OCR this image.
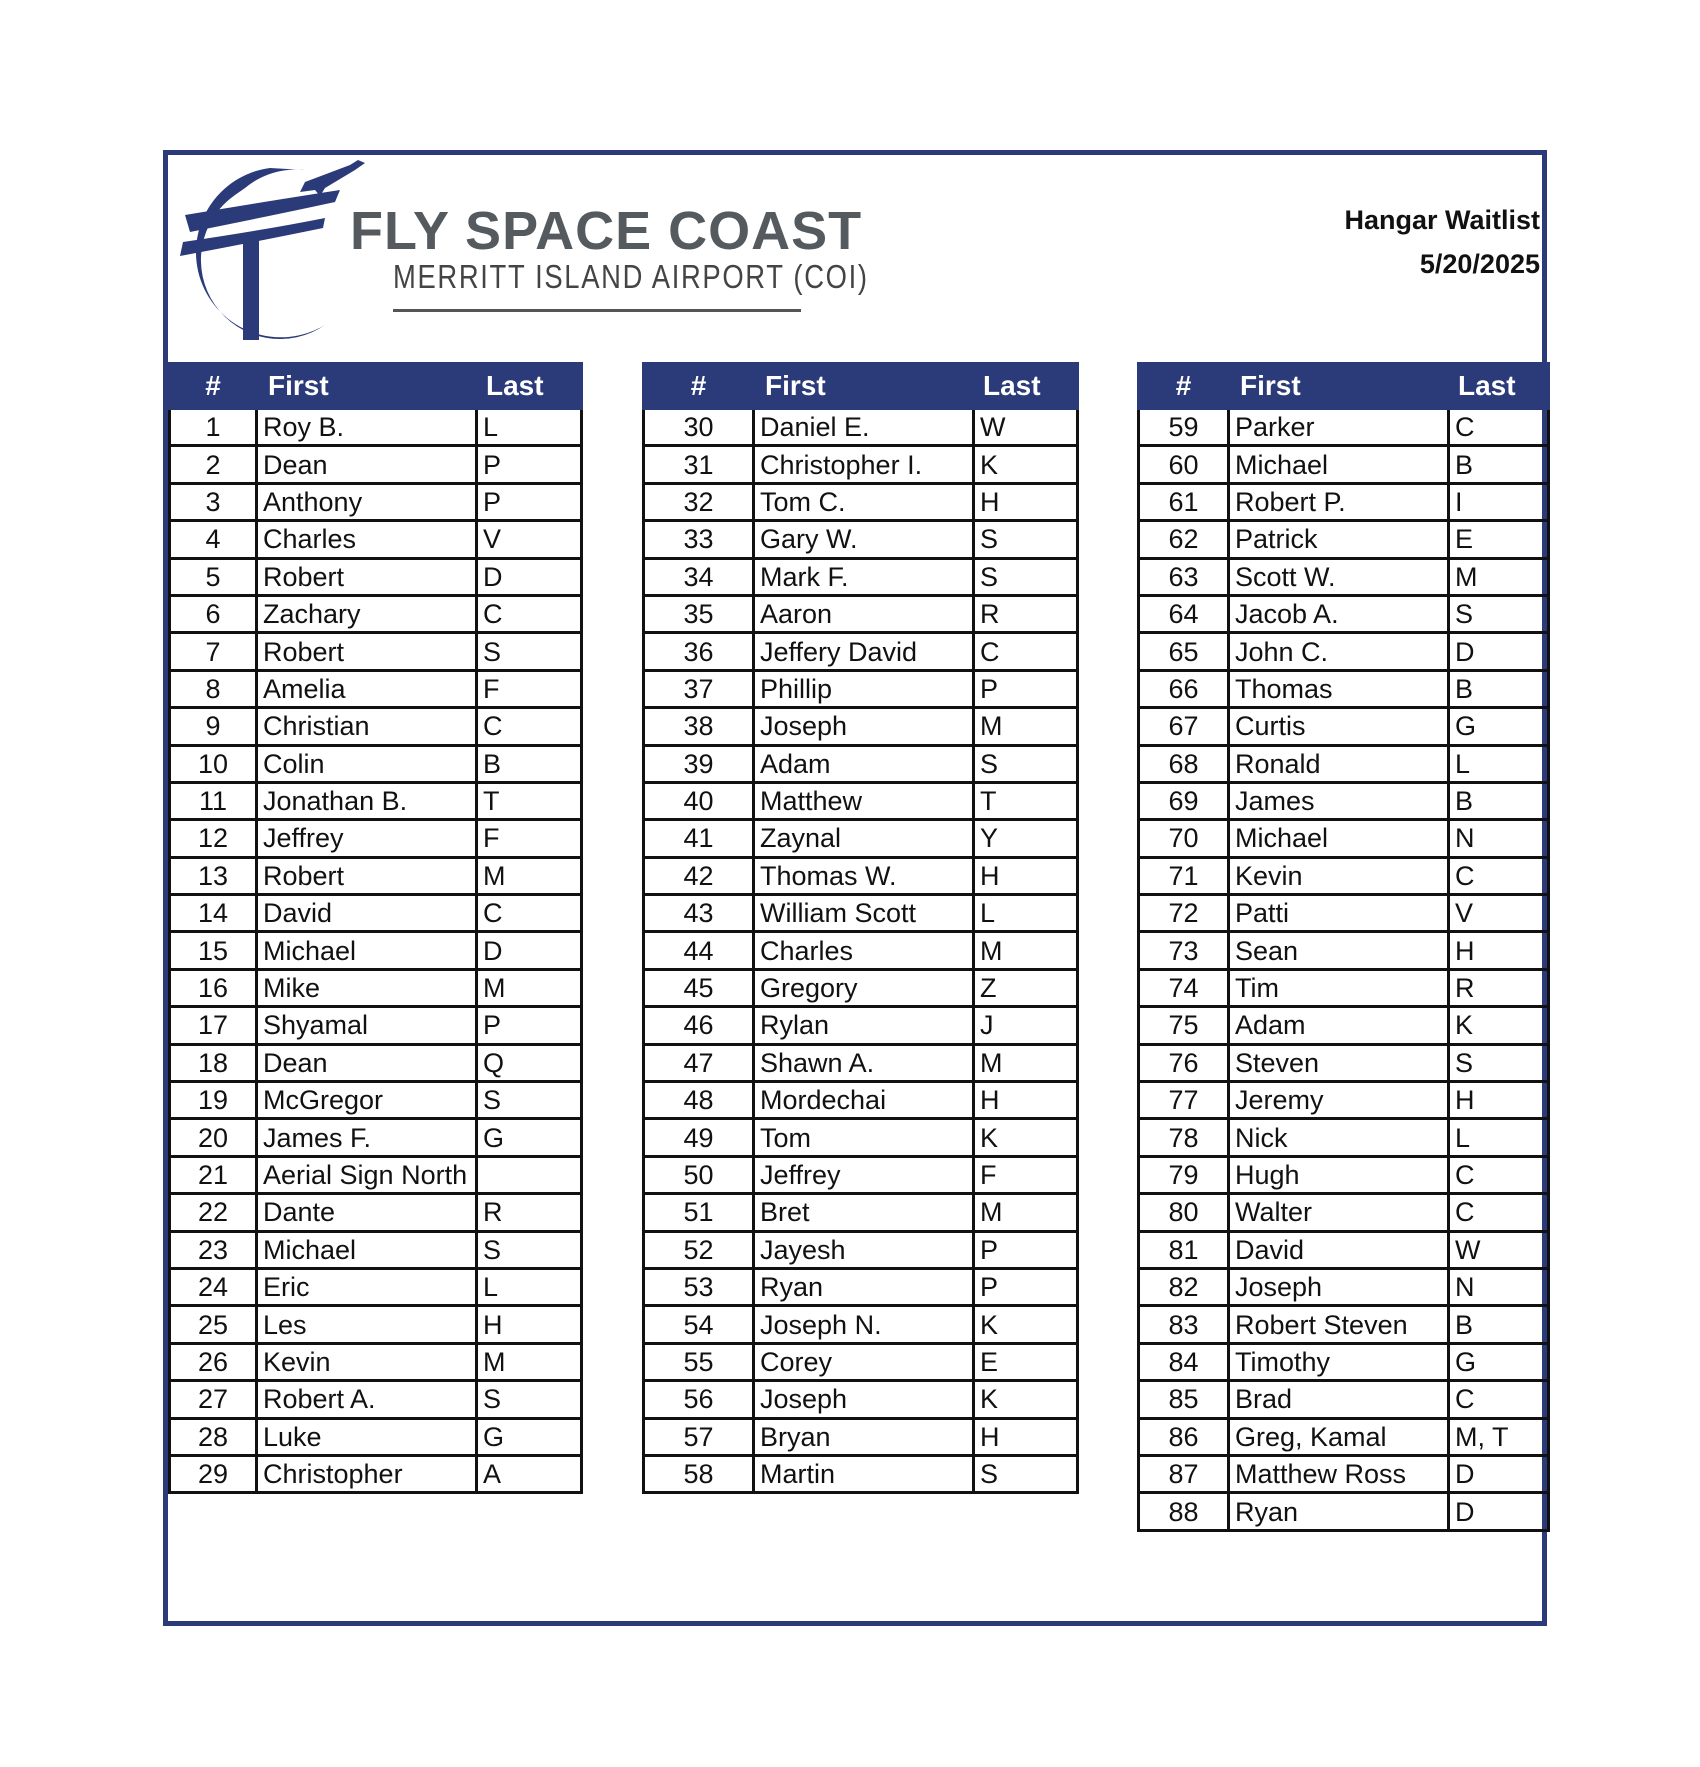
FLY SPACE COAST
MERRITT ISLAND AIRPORT (COI)
Hangar Waitlist
5/20/2025
#	First	Last
1	Roy B.	L
2	Dean	P
3	Anthony	P
4	Charles	V
5	Robert	D
6	Zachary	C
7	Robert	S
8	Amelia	F
9	Christian	C
10	Colin	B
11	Jonathan B.	T
12	Jeffrey	F
13	Robert	M
14	David	C
15	Michael	D
16	Mike	M
17	Shyamal	P
18	Dean	Q
19	McGregor	S
20	James F.	G
21	Aerial Sign North	
22	Dante	R
23	Michael	S
24	Eric	L
25	Les	H
26	Kevin	M
27	Robert A.	S
28	Luke	G
29	Christopher	A
#	First	Last
30	Daniel E.	W
31	Christopher I.	K
32	Tom C.	H
33	Gary W.	S
34	Mark F.	S
35	Aaron	R
36	Jeffery David	C
37	Phillip	P
38	Joseph	M
39	Adam	S
40	Matthew	T
41	Zaynal	Y
42	Thomas W.	H
43	William Scott	L
44	Charles	M
45	Gregory	Z
46	Rylan	J
47	Shawn A.	M
48	Mordechai	H
49	Tom	K
50	Jeffrey	F
51	Bret	M
52	Jayesh	P
53	Ryan	P
54	Joseph N.	K
55	Corey	E
56	Joseph	K
57	Bryan	H
58	Martin	S
#	First	Last
59	Parker	C
60	Michael	B
61	Robert P.	I
62	Patrick	E
63	Scott W.	M
64	Jacob A.	S
65	John C.	D
66	Thomas	B
67	Curtis	G
68	Ronald	L
69	James	B
70	Michael	N
71	Kevin	C
72	Patti	V
73	Sean	H
74	Tim	R
75	Adam	K
76	Steven	S
77	Jeremy	H
78	Nick	L
79	Hugh	C
80	Walter	C
81	David	W
82	Joseph	N
83	Robert Steven	B
84	Timothy	G
85	Brad	C
86	Greg, Kamal	M, T
87	Matthew Ross	D
88	Ryan	D
